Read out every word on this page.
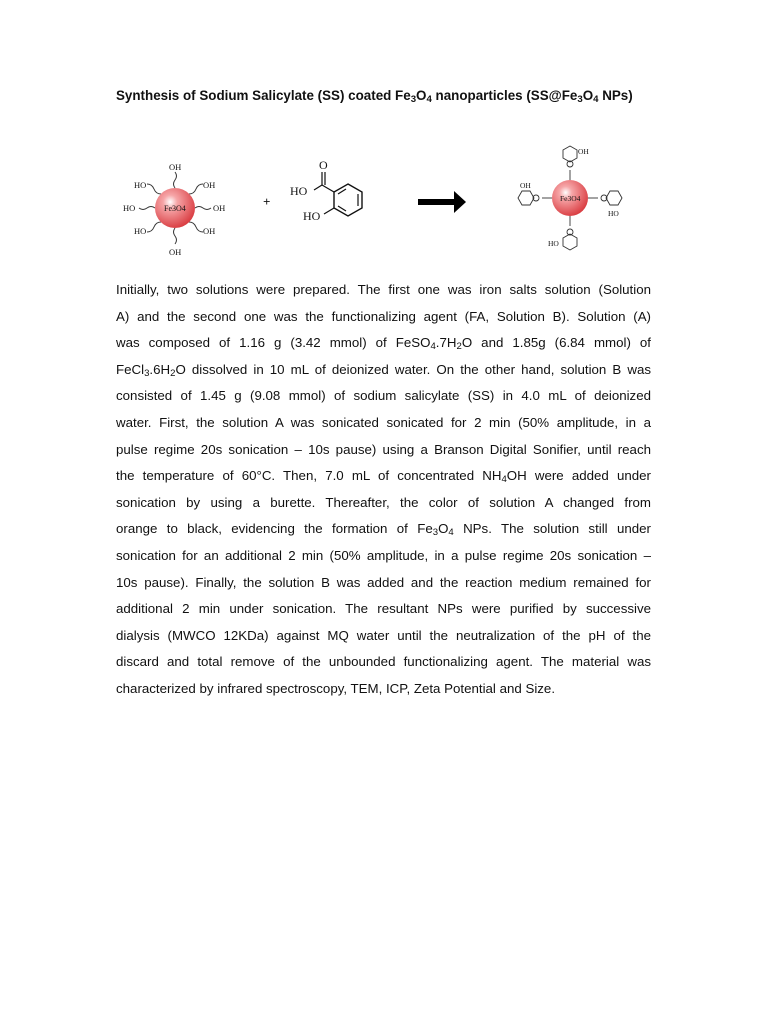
Synthesis of Sodium Salicylate (SS) coated $Fe_3O_4$ nanoparticles ($SS@Fe_3O_4$ NPs)
Fe3O4
OH
OH
HO	OH
HO	OH
HO	OH
+
O
HO
HO
Fe3O4
OH
HO
OH
HO
Initially, two solutions were prepared. The first one was iron salts solution (Solution
A) and the second one was the functionalizing agent (FA, Solution B). Solution (A)
was composed of 1.16 g (3.42 mmol) of $FeSO_4.7H_2O$ and 1.85g (6.84 mmol) of
$FeCl_3.6H_2O$ dissolved in 10 mL of deionized water. On the other hand, solution B was
consisted of 1.45 g (9.08 mmol) of sodium salicylate (SS) in 4.0 mL of deionized
water. First, the solution A was sonicated sonicated for 2 min (50% amplitude, in a
pulse regime 20s sonication – 10s pause) using a Branson Digital Sonifier, until reach
the temperature of 60°C. Then, 7.0 mL of concentrated $NH_4OH$ were added under
sonication by using a burette. Thereafter, the color of solution A changed from
orange to black, evidencing the formation of $Fe_3O_4$ NPs. The solution still under
sonication for an additional 2 min (50% amplitude, in a pulse regime 20s sonication –
10s pause). Finally, the solution B was added and the reaction medium remained for
additional 2 min under sonication. The resultant NPs were purified by successive
dialysis (MWCO 12KDa) against MQ water until the neutralization of the pH of the
discard and total remove of the unbounded functionalizing agent. The material was
characterized by infrared spectroscopy, TEM, ICP, Zeta Potential and Size.
